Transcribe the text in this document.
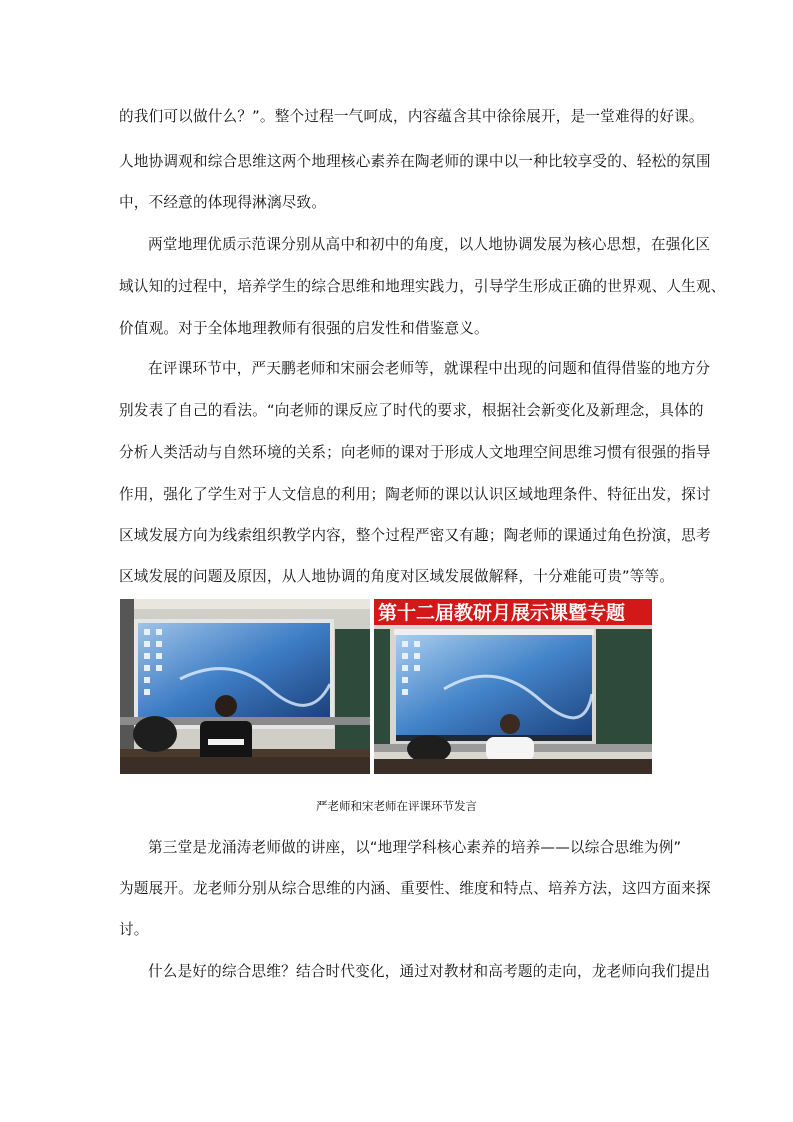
的我们可以做什么？”。整个过程一气呵成，内容蕴含其中徐徐展开，是一堂难得的好课。
人地协调观和综合思维这两个地理核心素养在陶老师的课中以一种比较享受的、轻松的氛围
中，不经意的体现得淋漓尽致。
两堂地理优质示范课分别从高中和初中的角度，以人地协调发展为核心思想，在强化区
域认知的过程中，培养学生的综合思维和地理实践力，引导学生形成正确的世界观、人生观、
价值观。对于全体地理教师有很强的启发性和借鉴意义。
在评课环节中，严天鹏老师和宋丽会老师等，就课程中出现的问题和值得借鉴的地方分
别发表了自己的看法。“向老师的课反应了时代的要求，根据社会新变化及新理念，具体的
分析人类活动与自然环境的关系；向老师的课对于形成人文地理空间思维习惯有很强的指导
作用，强化了学生对于人文信息的利用；陶老师的课以认识区域地理条件、特征出发，探讨
区域发展方向为线索组织教学内容，整个过程严密又有趣；陶老师的课通过角色扮演，思考
区域发展的问题及原因，从人地协调的角度对区域发展做解释，十分难能可贵”等等。
第十二届教研月展示课暨专题
严老师和宋老师在评课环节发言
第三堂是龙涌涛老师做的讲座，以“地理学科核心素养的培养——以综合思维为例”
为题展开。龙老师分别从综合思维的内涵、重要性、维度和特点、培养方法，这四方面来探
讨。
什么是好的综合思维？结合时代变化，通过对教材和高考题的走向，龙老师向我们提出
